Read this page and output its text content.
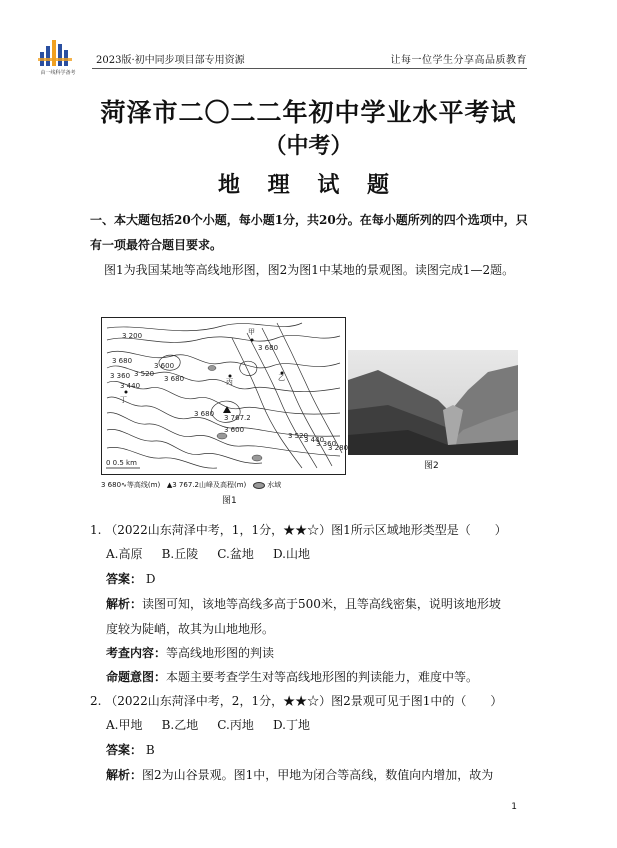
由一线科学备考
2023版·初中同步项目部专用资源	让每一位学生分享高品质教育
菏泽市二〇二二年初中学业水平考试
（中考）
地 理 试 题
一、本大题包括20个小题，每小题1分，共20分。在每小题所列的四个选项中，只有一项最符合题目要求。
图1为我国某地等高线地形图，图2为图1中某地的景观图。读图完成1—2题。
甲
乙
丙
丁
3 200
3 680
3 360
3 440
3 520
3 600
3 680
3 680
3 680 3 767.2
3 600
3 520
3 440
3 360
3 280
0 0.5 km	图2
3 680∿等高线(m) ▲3 767.2山峰及高程(m)	水域
图1
1. （2022山东菏泽中考，1，1分，★★☆）图1所示区域地形类型是（　　）
A.高原 B.丘陵 C.盆地 D.山地
答案： D
解析：读图可知，该地等高线多高于500米，且等高线密集，说明该地形坡
度较为陡峭，故其为山地地形。
考查内容：等高线地形图的判读
命题意图：本题主要考查学生对等高线地形图的判读能力，难度中等。
2. （2022山东菏泽中考，2，1分，★★☆）图2景观可见于图1中的（　　）
A.甲地 B.乙地 C.丙地 D.丁地
答案： B
解析：图2为山谷景观。图1中，甲地为闭合等高线，数值向内增加，故为
1
